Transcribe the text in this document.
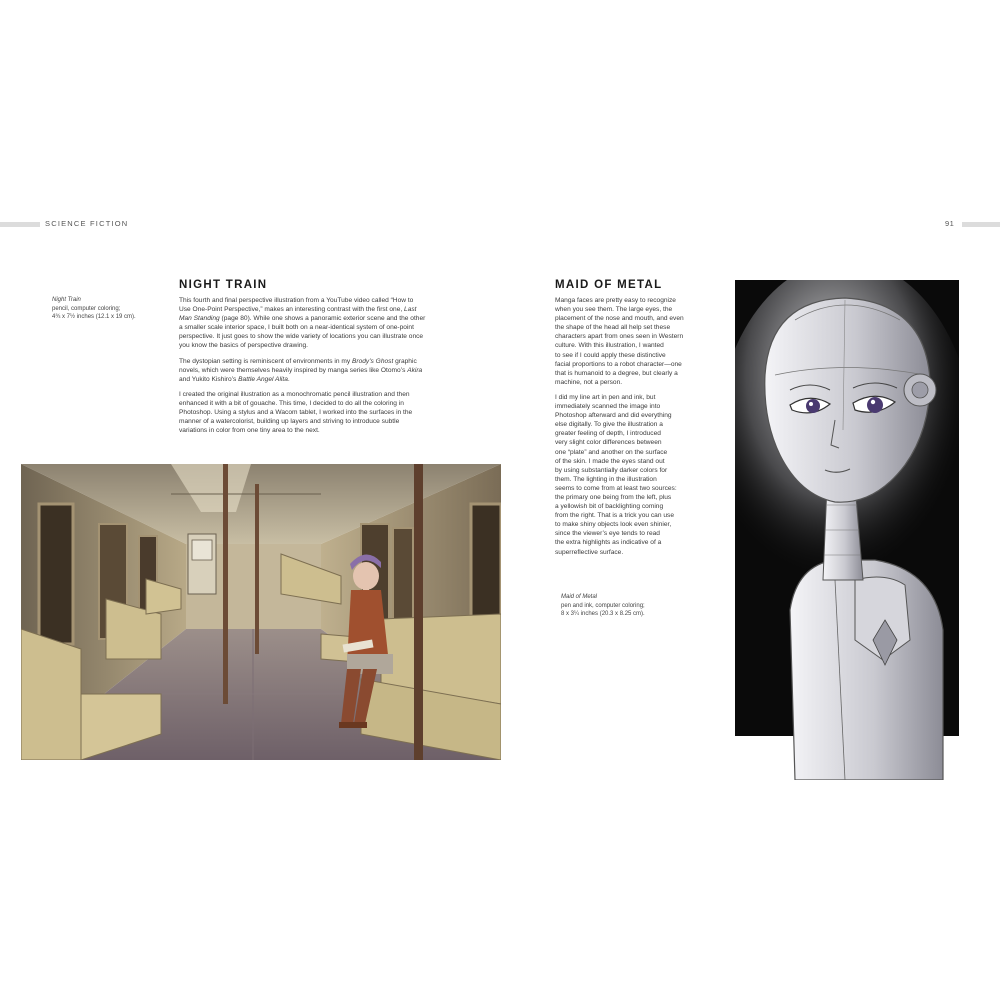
SCIENCE FICTION	91
Night Train
pencil, computer coloring;
4¾ x 7½ inches (12.1 x 19 cm).
NIGHT TRAIN

This fourth and final perspective illustration from a YouTube video called “How to
Use One-Point Perspective,” makes an interesting contrast with the first one, Last
Man Standing (page 80). While one shows a panoramic exterior scene and the other
a smaller scale interior space, I built both on a near-identical system of one-point
perspective. It just goes to show the wide variety of locations you can illustrate once
you know the basics of perspective drawing.

The dystopian setting is reminiscent of environments in my Brody’s Ghost graphic
novels, which were themselves heavily inspired by manga series like Otomo’s Akira
and Yukito Kishiro’s Battle Angel Alita.

I created the original illustration as a monochromatic pencil illustration and then
enhanced it with a bit of gouache. This time, I decided to do all the coloring in
Photoshop. Using a stylus and a Wacom tablet, I worked into the surfaces in the
manner of a watercolorist, building up layers and striving to introduce subtle
variations in color from one tiny area to the next.

MAID OF METAL

Manga faces are pretty easy to recognize
when you see them. The large eyes, the
placement of the nose and mouth, and even
the shape of the head all help set these
characters apart from ones seen in Western
culture. With this illustration, I wanted
to see if I could apply these distinctive
facial proportions to a robot character—one
that is humanoid to a degree, but clearly a
machine, not a person.

I did my line art in pen and ink, but
immediately scanned the image into
Photoshop afterward and did everything
else digitally. To give the illustration a
greater feeling of depth, I introduced
very slight color differences between
one “plate” and another on the surface
of the skin. I made the eyes stand out
by using substantially darker colors for
them. The lighting in the illustration
seems to come from at least two sources:
the primary one being from the left, plus
a yellowish bit of backlighting coming
from the right. That is a trick you can use
to make shiny objects look even shinier,
since the viewer’s eye tends to read
the extra highlights as indicative of a
superreflective surface.

Maid of Metal
pen and ink, computer coloring;
8 x 3¼ inches (20.3 x 8.25 cm).
